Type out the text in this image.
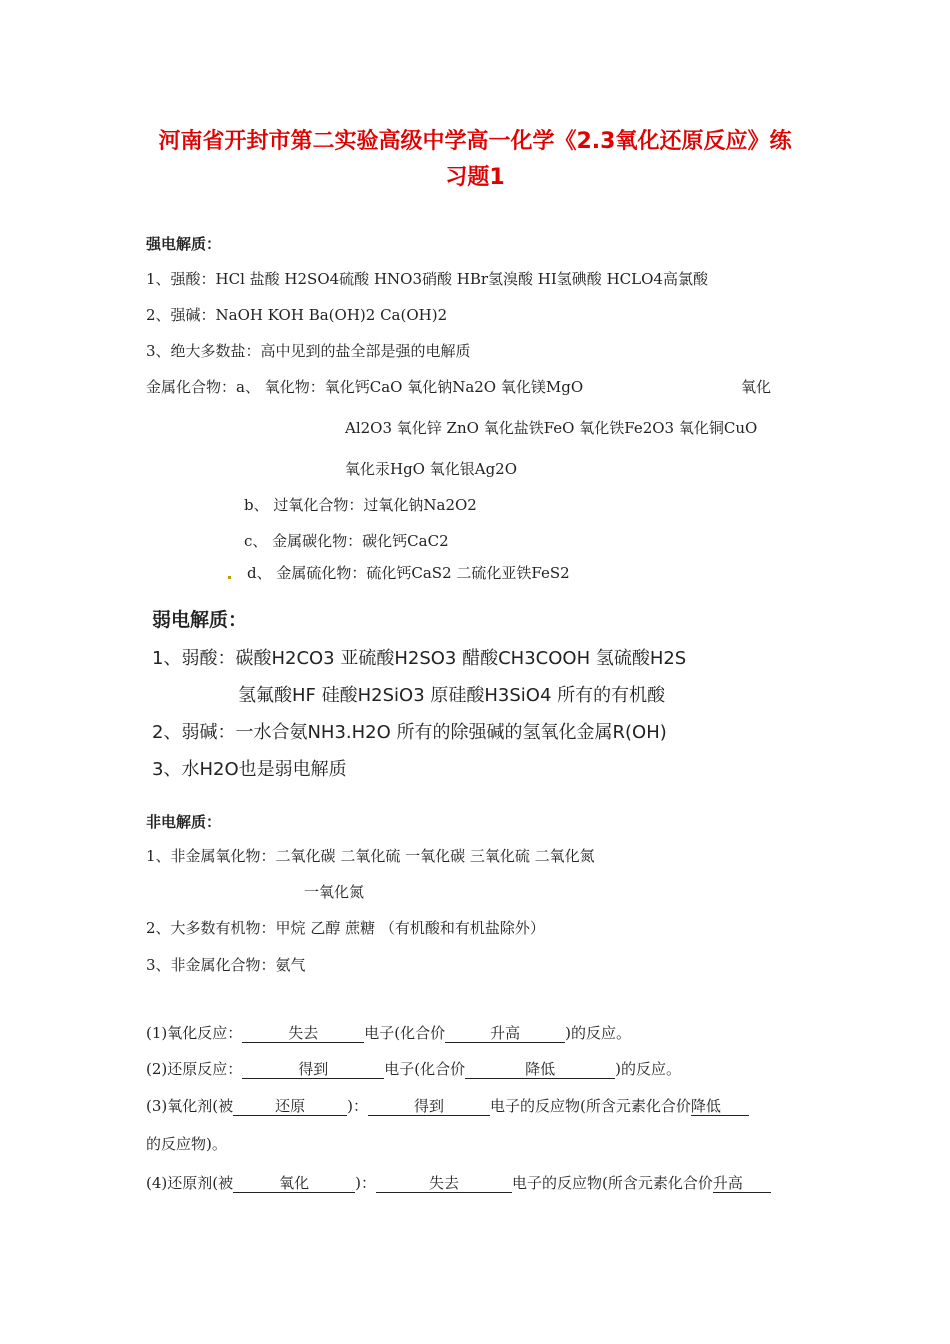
河南省开封市第二实验高级中学高一化学《2.3氧化还原反应》练
习题1
强电解质：
1、强酸：HCl 盐酸 H2SO4硫酸 HNO3硝酸 HBr氢溴酸 HI氢碘酸 HCLO4高氯酸
2、强碱：NaOH KOH Ba(OH)2 Ca(OH)2
3、绝大多数盐：高中见到的盐全部是强的电解质
金属化合物：a、 氧化物：氧化钙CaO 氧化钠Na2O 氧化镁MgO	氧化
Al2O3 氧化锌 ZnO 氧化盐铁FeO 氧化铁Fe2O3 氧化铜CuO
氧化汞HgO 氧化银Ag2O
b、 过氧化合物：过氧化钠Na2O2
c、 金属碳化物：碳化钙CaC2
d、 金属硫化物：硫化钙CaS2 二硫化亚铁FeS2
弱电解质：
1、弱酸：碳酸H2CO3 亚硫酸H2SO3 醋酸CH3COOH 氢硫酸H2S
氢氟酸HF 硅酸H2SiO3 原硅酸H3SiO4 所有的有机酸
2、弱碱：一水合氨NH3.H2O 所有的除强碱的氢氧化金属R(OH)
3、水H2O也是弱电解质
非电解质：
1、非金属氧化物：二氧化碳 二氧化硫 一氧化碳 三氧化硫 二氧化氮
一氧化氮
2、大多数有机物：甲烷 乙醇 蔗糖 （有机酸和有机盐除外）
3、非金属化合物：氨气
(1)氧化反应：	失去	电子(化合价	升高	)的反应。
(2)还原反应：	得到	电子(化合价	降低	)的反应。
(3)氧化剂(被	还原	)：	得到	电子的反应物(所含元素化合价降低
的反应物)。
(4)还原剂(被	氧化	)：	失去	电子的反应物(所含元素化合价升高
